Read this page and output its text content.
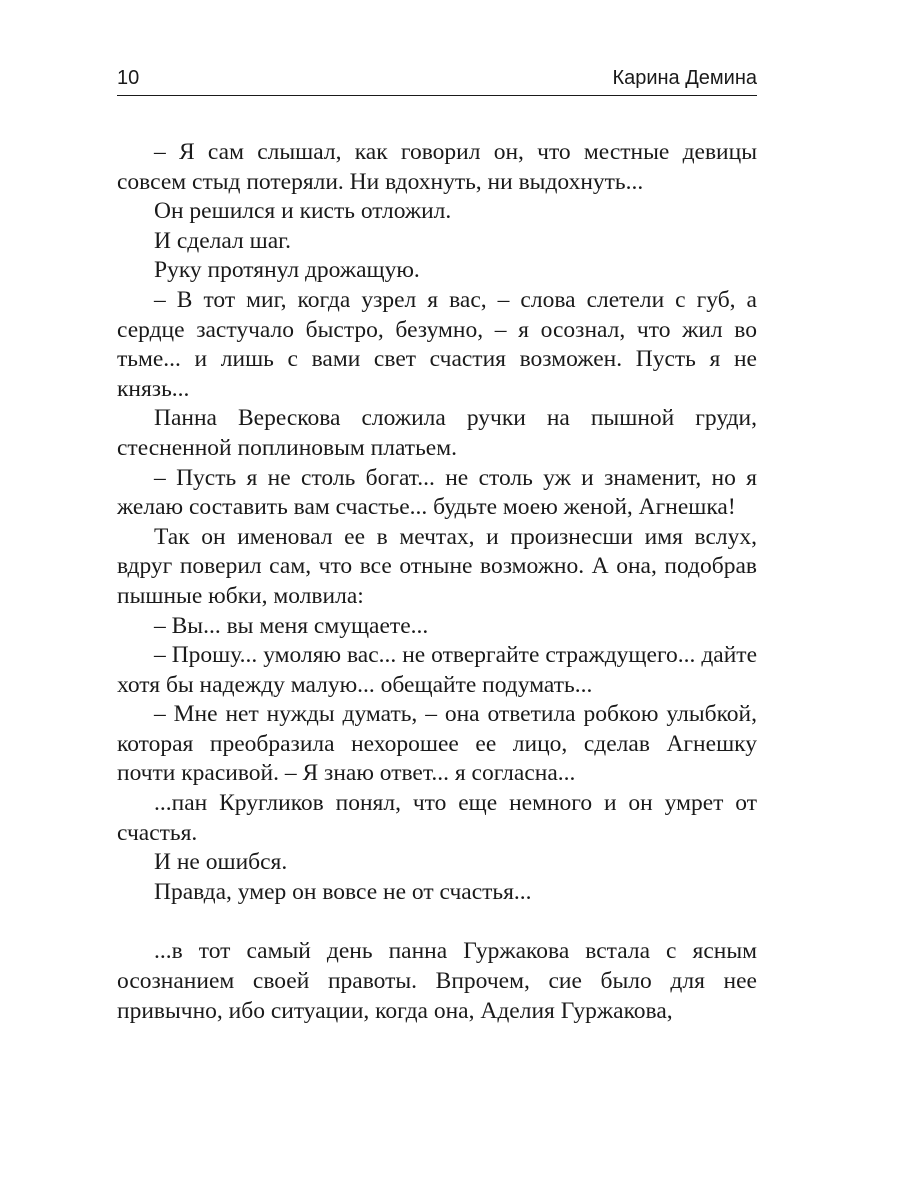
10	Карина Демина

– Я сам слышал, как говорил он, что местные девицы совсем стыд потеряли. Ни вдохнуть, ни выдохнуть...

Он решился и кисть отложил.

И сделал шаг.

Руку протянул дрожащую.

– В тот миг, когда узрел я вас, – слова слетели с губ, а сердце застучало быстро, безумно, – я осознал, что жил во тьме... и лишь с вами свет счастия возможен. Пусть я не князь...

Панна Верескова сложила ручки на пышной груди, стесненной поплиновым платьем.

– Пусть я не столь богат... не столь уж и знаменит, но я желаю составить вам счастье... будьте моею женой, Агнешка!

Так он именовал ее в мечтах, и произнесши имя вслух, вдруг поверил сам, что все отныне возможно. А она, подобрав пышные юбки, молвила:

– Вы... вы меня смущаете...

– Прошу... умоляю вас... не отвергайте страждущего... дайте хотя бы надежду малую... обещайте подумать...

– Мне нет нужды думать, – она ответила робкою улыбкой, которая преобразила нехорошее ее лицо, сделав Агнешку почти красивой. – Я знаю ответ... я согласна...

...пан Кругликов понял, что еще немного и он умрет от счастья.

И не ошибся.

Правда, умер он вовсе не от счастья...

...в тот самый день панна Гуржакова встала с ясным осознанием своей правоты. Впрочем, сие было для нее привычно, ибо ситуации, когда она, Аделия Гуржакова,
